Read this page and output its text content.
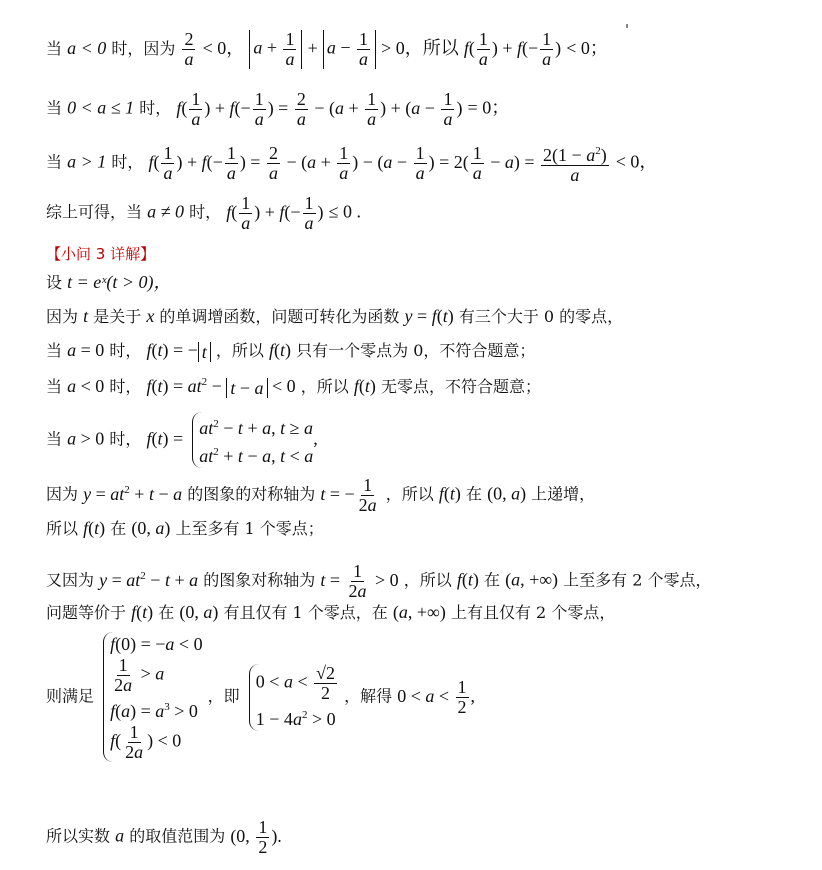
当 a < 0 时，因为 $\frac{2}{a} < 0$， $a + \frac{1}{a} + a - \frac{1}{a} > 0$，所以 $f( \frac{1}{a}$ ) + $f(- \frac{1}{a}$ ) < 0；
当 0 < a ≤ 1 时， $f( \frac{1}{a}$ ) + $f(- \frac{1}{a}$ ) = $\frac{2}{a} - (a + \frac{1}{a}$ ) + ($a - \frac{1}{a}$ ) = 0；
当 a > 1 时， $f( \frac{1}{a}$ ) + $f(- \frac{1}{a}$ ) = $\frac{2}{a} - (a + \frac{1}{a}$ ) − ($a - \frac{1}{a}$ ) = $2( \frac{1}{a} - a) = \frac{2(1 - a^2)}{a} < 0$，
综上可得，当 a ≠ 0 时， $f( \frac{1}{a}$ ) + $f(- \frac{1}{a}$ ) ≤ 0 .
【小问 3 详解】
设 t = eˣ(t > 0)，
因为 t 是关于 x 的单调增函数，问题可转化为函数 y = f(t) 有三个大于 0 的零点，
当 a = 0 时， f(t) = − t ，所以 f(t) 只有一个零点为 0，不符合题意；
当 a < 0 时， $f(t) = at^2 - t - a < 0$ ，所以 f(t) 无零点，不符合题意；
当 a > 0 时， f(t) =
$at^2 - t + a$, t ≥ a
$at^2 + t - a$, t < a
,
因为 $y = at^2 + t - a$ 的图象的对称轴为 t = − $\frac{1}{2a}$ ，所以 f(t) 在 (0, a) 上递增，
所以 f(t) 在 (0, a) 上至多有 1 个零点；
又因为 $y = at^2 - t + a$ 的图象对称轴为 $t = \frac{1}{2a} > 0$ ，所以 f(t) 在 (a, +∞) 上至多有 2 个零点，
问题等价于 f(t) 在 (0, a) 有且仅有 1 个零点，在 (a, +∞) 上有且仅有 2 个零点，
则满足
f(0) = −a < 0
$\frac{1}{2a} > a$
$f(a) = a^3 > 0$
$f( \frac{1}{2a}$ ) < 0
，即
$0 < a < \frac{√2}{2}$
$1 - 4a^2 > 0$
，解得 $0 < a < \frac{1}{2}$ ,
所以实数 a 的取值范围为 (0, $\frac{1}{2}$ ).
